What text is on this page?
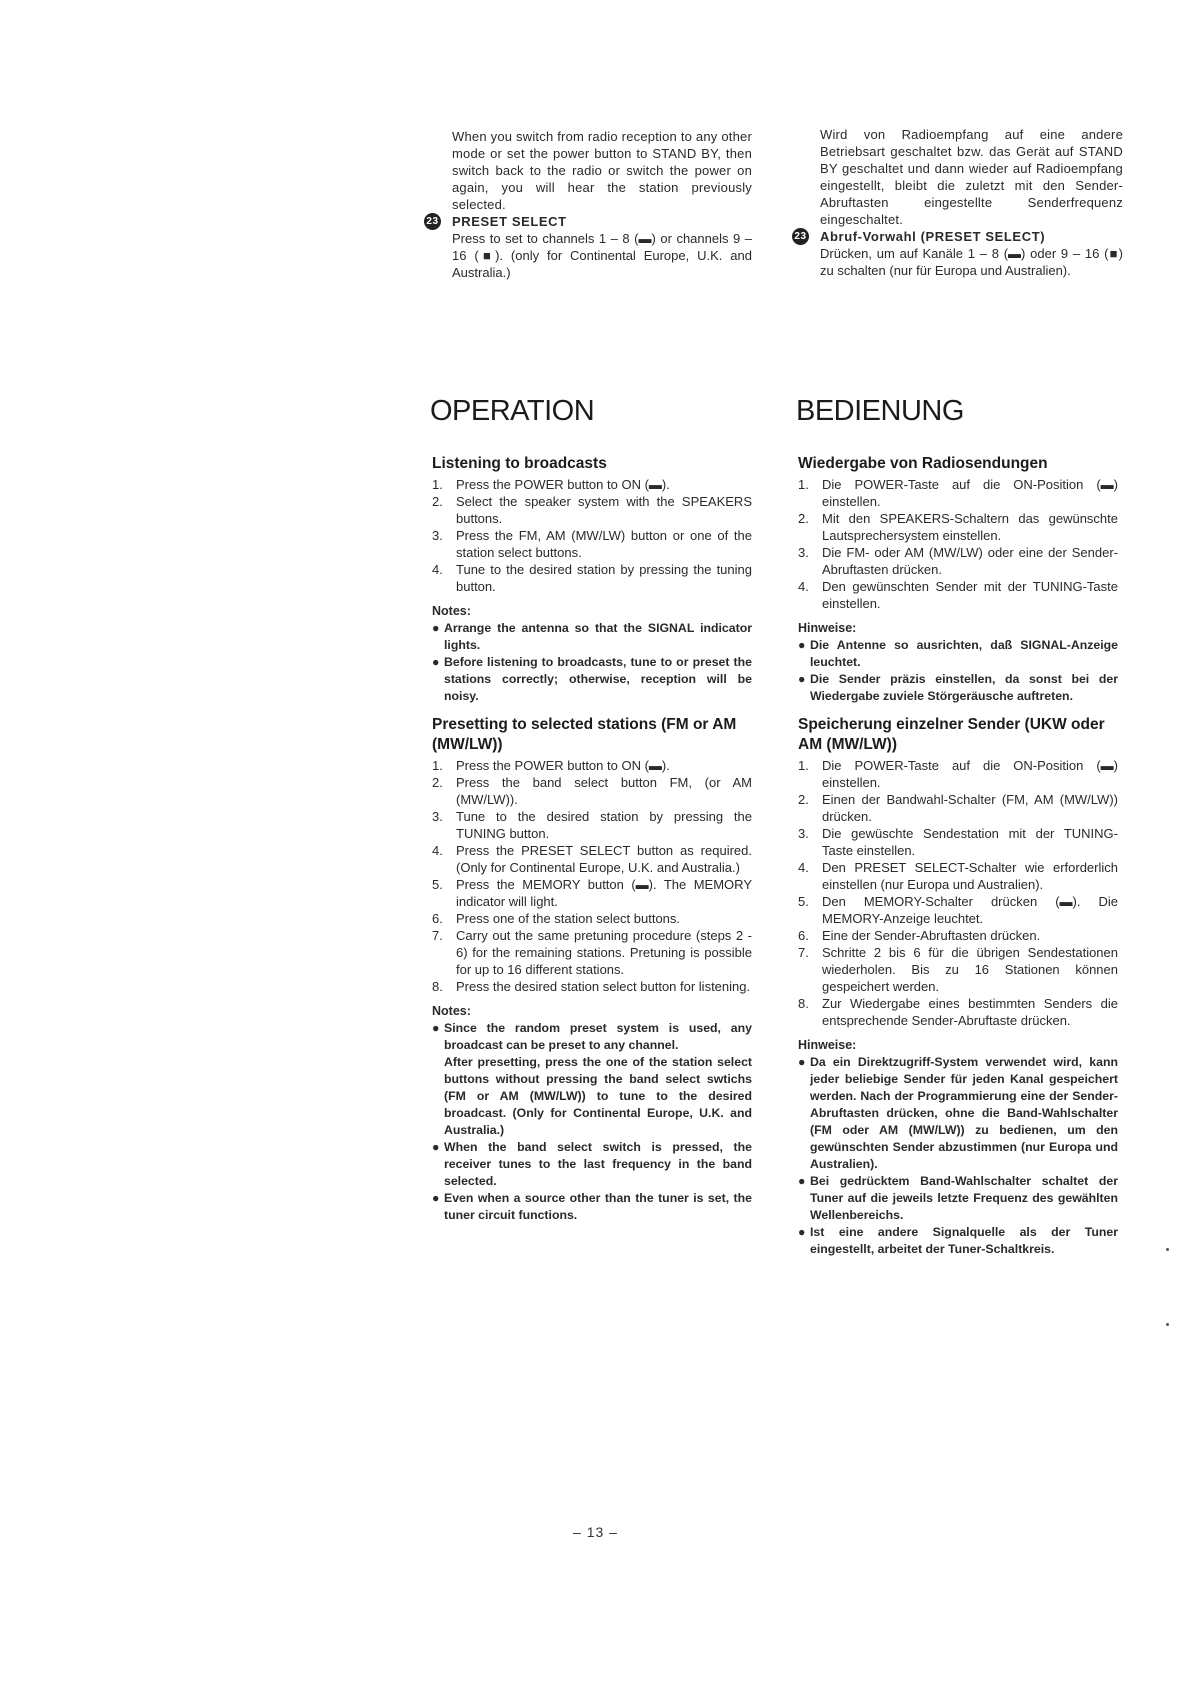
When you switch from radio reception to any other mode or set the power button to STAND BY, then switch back to the radio or switch the power on again, you will hear the station previously selected.
23 PRESET SELECT
Press to set to channels 1 – 8 (▬) or channels 9 – 16 (■). (only for Continental Europe, U.K. and Australia.)
Wird von Radioempfang auf eine andere Betriebsart geschaltet bzw. das Gerät auf STAND BY geschaltet und dann wieder auf Radioempfang eingestellt, bleibt die zuletzt mit den Sender-Abruftasten eingestellte Senderfrequenz eingeschaltet.
23 Abruf-Vorwahl (PRESET SELECT)
Drücken, um auf Kanäle 1 – 8 (▬) oder 9 – 16 (■) zu schalten (nur für Europa und Australien).
OPERATION
Listening to broadcasts
1.	Press the POWER button to ON (▬).
2.	Select the speaker system with the SPEAKERS buttons.
3.	Press the FM, AM (MW/LW) button or one of the station select buttons.
4.	Tune to the desired station by pressing the tuning button.
Notes:
● Arrange the antenna so that the SIGNAL indicator lights.
● Before listening to broadcasts, tune to or preset the stations correctly; otherwise, reception will be noisy.
Presetting to selected stations (FM or AM (MW/LW))
1.	Press the POWER button to ON (▬).
2.	Press the band select button FM, (or AM (MW/LW)).
3.	Tune to the desired station by pressing the TUNING button.
4.	Press the PRESET SELECT button as required. (Only for Continental Europe, U.K. and Australia.)
5.	Press the MEMORY button (▬). The MEMORY indicator will light.
6.	Press one of the station select buttons.
7.	Carry out the same pretuning procedure (steps 2 - 6) for the remaining stations. Pretuning is possible for up to 16 different stations.
8.	Press the desired station select button for listening.
Notes:
● Since the random preset system is used, any broadcast can be preset to any channel.
After presetting, press the one of the station select buttons without pressing the band select swtichs (FM or AM (MW/LW)) to tune to the desired broadcast. (Only for Continental Europe, U.K. and Australia.)
● When the band select switch is pressed, the receiver tunes to the last frequency in the band selected.
● Even when a source other than the tuner is set, the tuner circuit functions.
BEDIENUNG
Wiedergabe von Radiosendungen
1.	Die POWER-Taste auf die ON-Position (▬) einstellen.
2.	Mit den SPEAKERS-Schaltern das gewünschte Lautsprechersystem einstellen.
3.	Die FM- oder AM (MW/LW) oder eine der Sender-Abruftasten drücken.
4.	Den gewünschten Sender mit der TUNING-Taste einstellen.
Hinweise:
● Die Antenne so ausrichten, daß SIGNAL-Anzeige leuchtet.
● Die Sender präzis einstellen, da sonst bei der Wiedergabe zuviele Störgeräusche auftreten.
Speicherung einzelner Sender (UKW oder AM (MW/LW))
1.	Die POWER-Taste auf die ON-Position (▬) einstellen.
2.	Einen der Bandwahl-Schalter (FM, AM (MW/LW)) drücken.
3.	Die gewüschte Sendestation mit der TUNING-Taste einstellen.
4.	Den PRESET SELECT-Schalter wie erforderlich einstellen (nur Europa und Australien).
5.	Den MEMORY-Schalter drücken (▬). Die MEMORY-Anzeige leuchtet.
6.	Eine der Sender-Abruftasten drücken.
7.	Schritte 2 bis 6 für die übrigen Sendestationen wiederholen. Bis zu 16 Stationen können gespeichert werden.
8.	Zur Wiedergabe eines bestimmten Senders die entsprechende Sender-Abruftaste drücken.
Hinweise:
● Da ein Direktzugriff-System verwendet wird, kann jeder beliebige Sender für jeden Kanal gespeichert werden. Nach der Programmierung eine der Sender-Abruftasten drücken, ohne die Band-Wahlschalter (FM oder AM (MW/LW)) zu bedienen, um den gewünschten Sender abzustimmen (nur Europa und Australien).
● Bei gedrücktem Band-Wahlschalter schaltet der Tuner auf die jeweils letzte Frequenz des gewählten Wellenbereichs.
● Ist eine andere Signalquelle als der Tuner eingestellt, arbeitet der Tuner-Schaltkreis.
– 13 –
